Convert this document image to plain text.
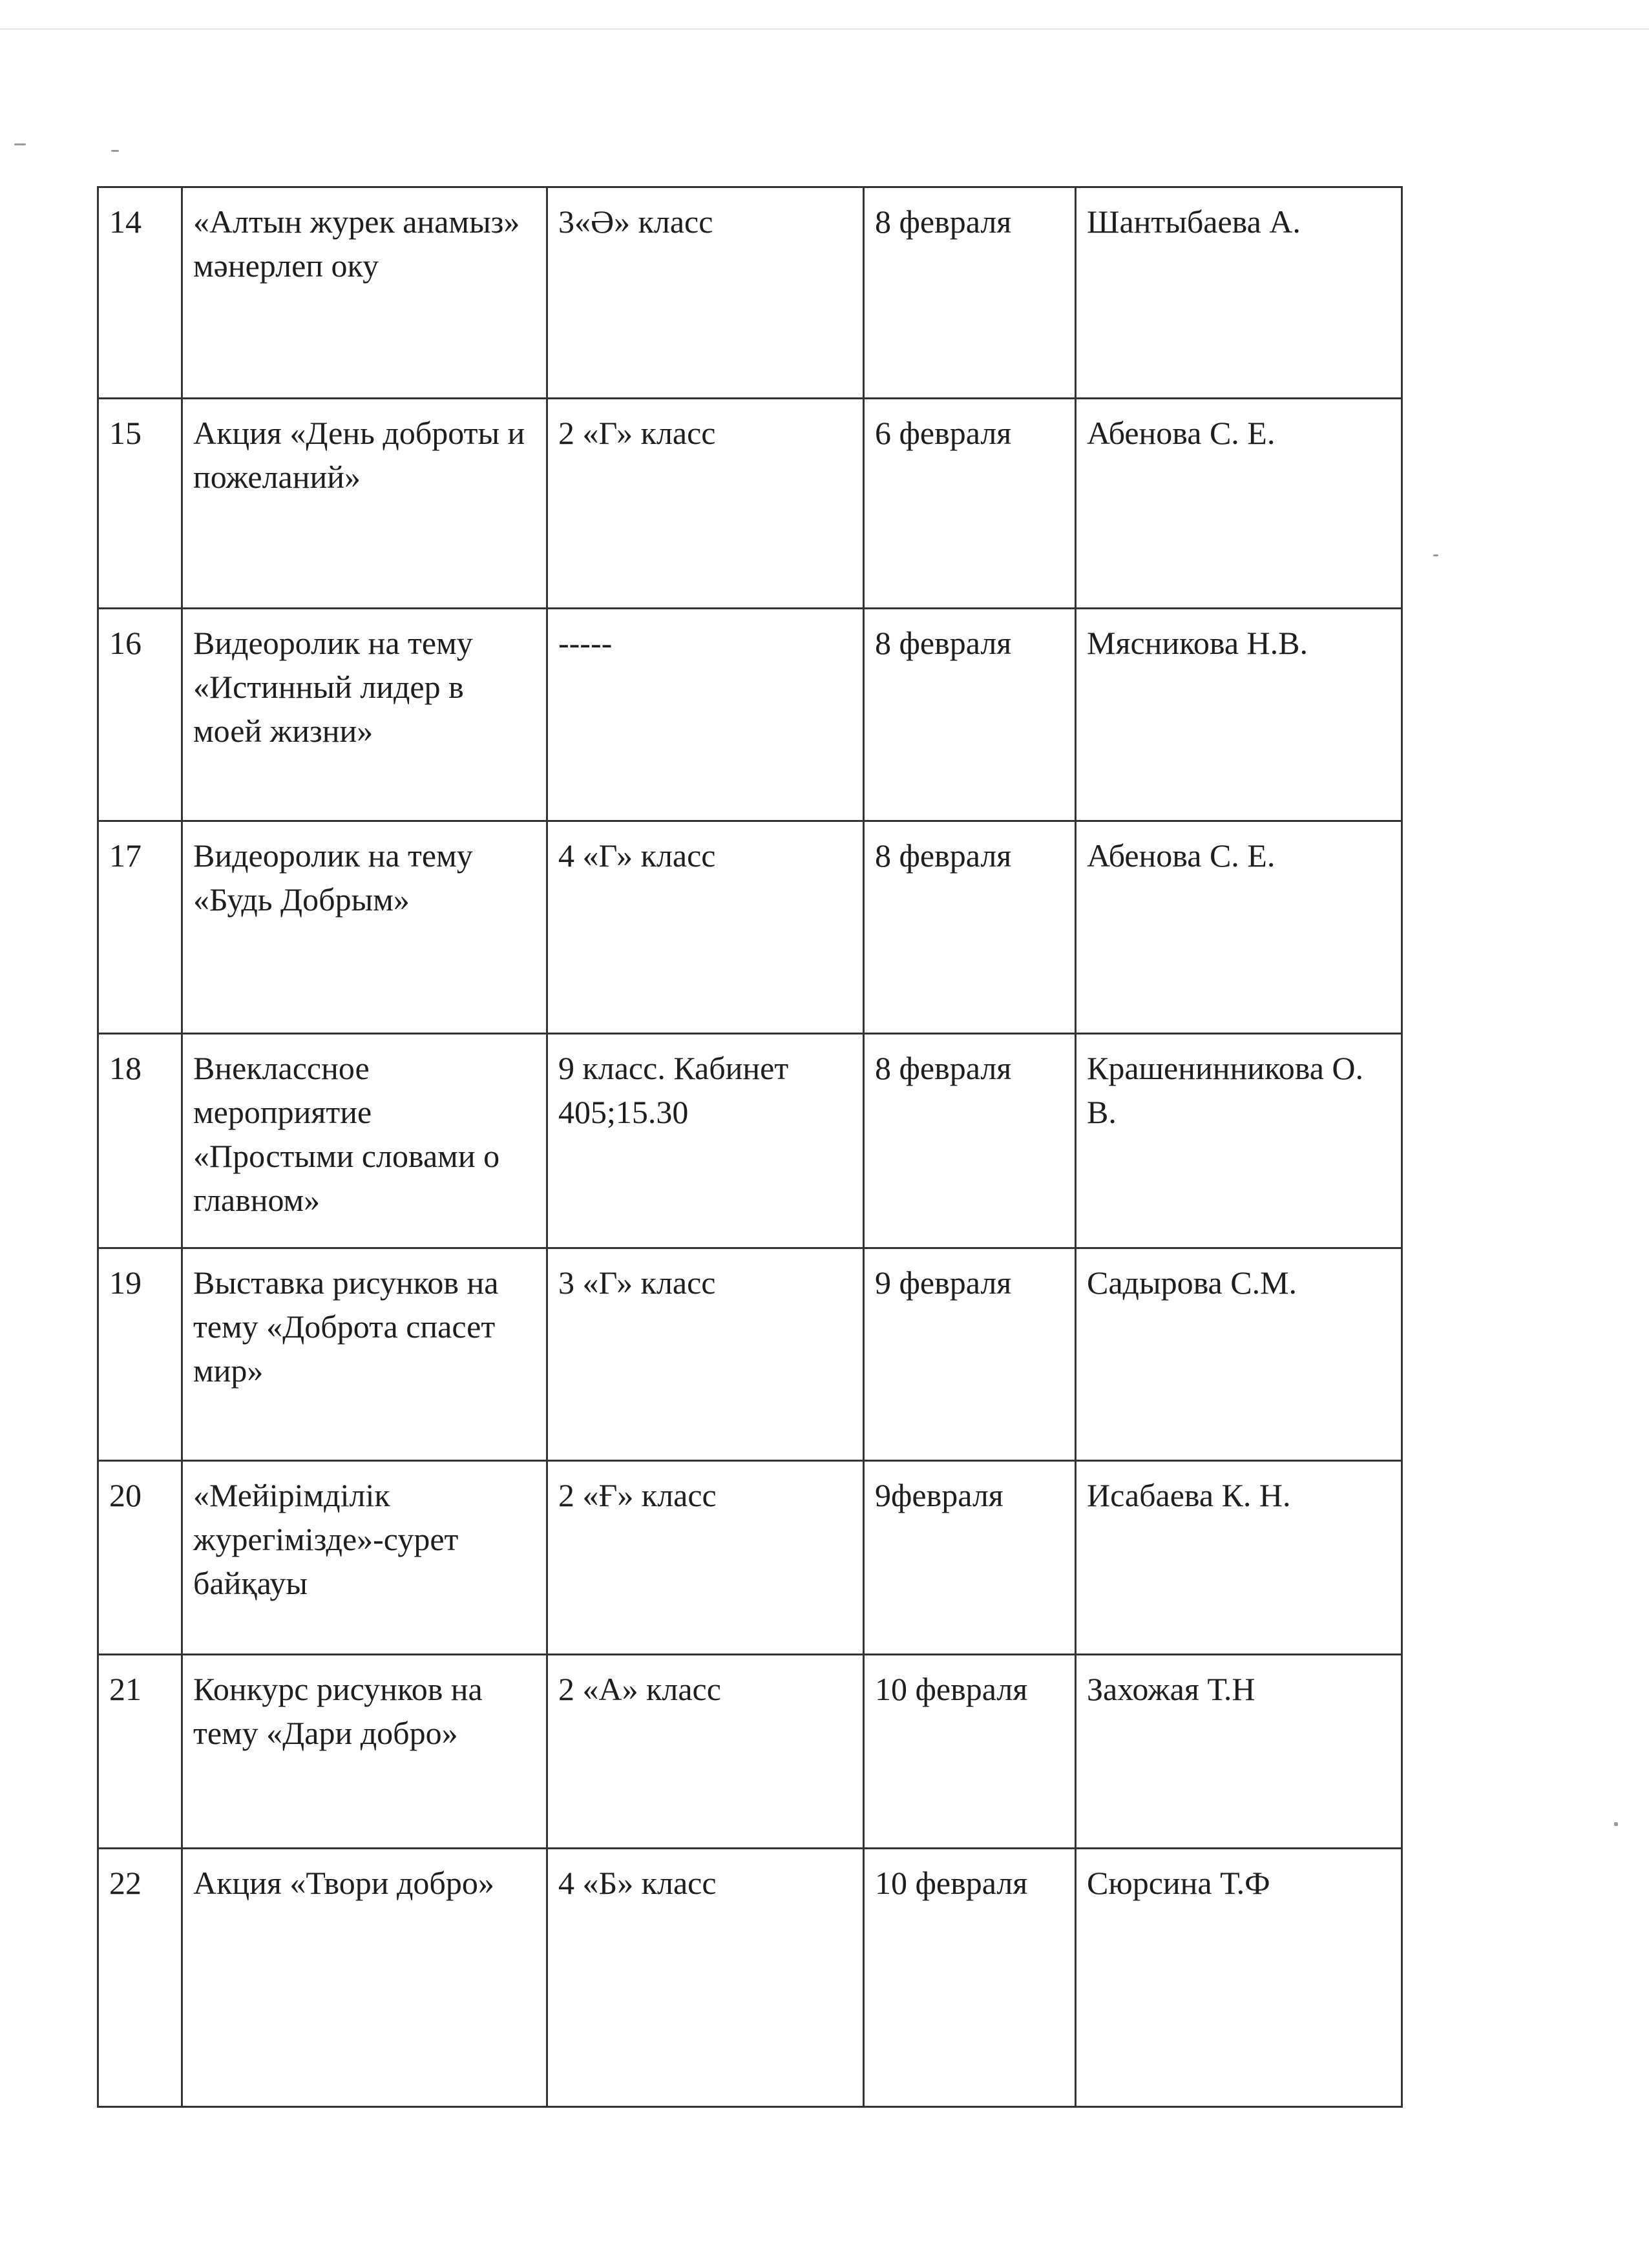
14	«Алтын журек анамыз» мәнерлеп оку	3«Ә» класс	8 февраля	Шантыбаева А.
15	Акция «День доброты и пожеланий»	2 «Г» класс	6 февраля	Абенова С. Е.
16	Видеоролик на тему «Истинный лидер в моей жизни»	-----	8 февраля	Мясникова Н.В.
17	Видеоролик на тему «Будь Добрым»	4 «Г» класс	8 февраля	Абенова С. Е.
18	Внеклассное мероприятие «Простыми словами о главном»	9 класс. Кабинет 405;15.30	8 февраля	Крашенинникова О. В.
19	Выставка рисунков на тему «Доброта спасет мир»	3 «Г» класс	9 февраля	Садырова С.М.
20	«Мейірімділік журегімізде»-сурет байқауы	2 «Ғ» класс	9февраля	Исабаева К. Н.
21	Конкурс рисунков на тему «Дари добро»	2 «А» класс	10 февраля	Захожая Т.Н
22	Акция «Твори добро»	4 «Б» класс	10 февраля	Сюрсина Т.Ф
